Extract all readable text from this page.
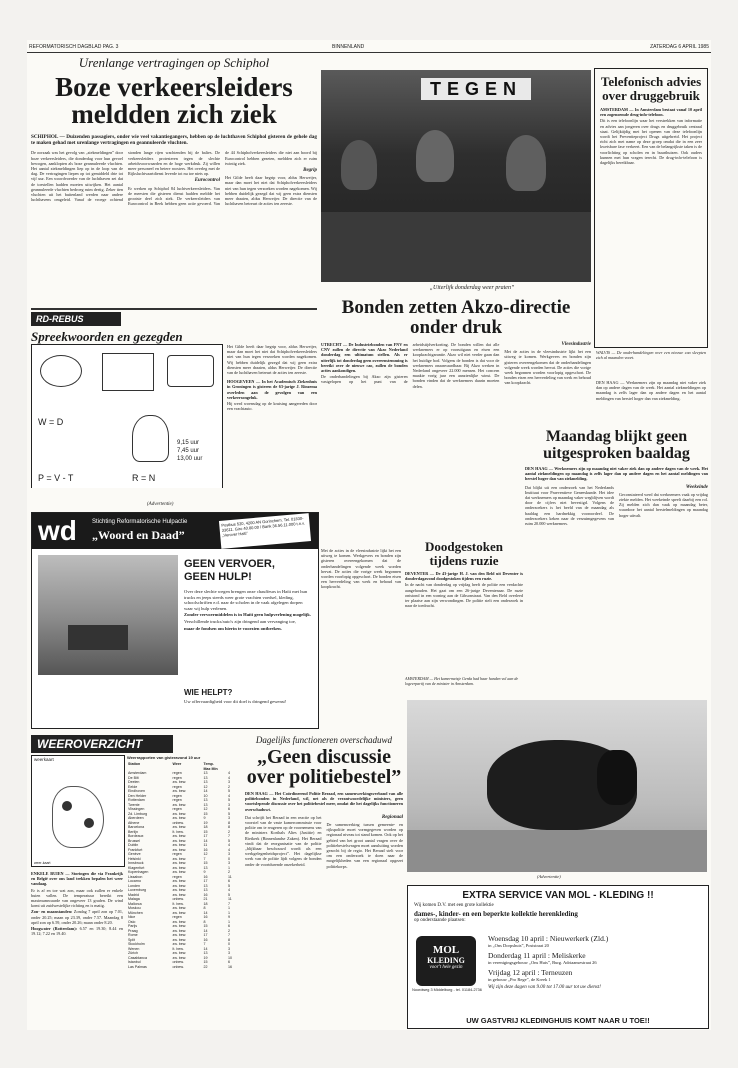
REFORMATORISCH DAGBLAD PAG. 3	BINNENLAND	ZATERDAG 6 APRIL 1985
Urenlange vertragingen op Schiphol
Boze verkeersleiders meldden zich ziek
SCHIPHOL — Duizenden passagiers, onder wie veel vakantiegangers, hebben op de luchthaven Schiphol gisteren de gehele dag te maken gehad met urenlange vertragingen en geannuleerde vluchten.

De oorzaak was het gevolg van „ziekmeldingen” door boze verkeersleiders, die donderdag voor hun gevoel bewogen, aanklopten als boze geannuleerde vluchten. Het aantal ziekmeldingen liep op in de loop van de dag. De vertragingen liepen op tot gemiddeld drie tot vijf uur. Een woordvoerder van de luchthaven zei dat de toestellen hadden moeten uitwijken. Het aantal geannuleerde vluchten bedroeg ruim dertig. Zeker tien vluchten uit het buitenland werden naar andere luchthavens omgeleid. Vanaf de vroege ochtend stonden lange rijen wachtenden bij de balies. De verkeersleiders protesteren tegen de slechte arbeidsvoorwaarden en de hoge werkdruk. Zij willen meer personeel en betere roosters. Het overleg met de Rijksluchtvaartdienst leverde tot nu toe niets op.

Eurocontrol

Er werken op Schiphol 84 luchtverkeersleiders. Van de meesten die gisteren dienst hadden meldde het grootste deel zich ziek. De verkeersleiders van Eurocontrol in Beek hebben geen actie gevoerd. Van de 44 Schipholverkeersleiders die niet aan boord bij Eurocontrol hebben gezeten, meldden zich er ruim twintig ziek.

Begrip

Het Gilde heeft daar begrip voor, aldus Herweijer, maar dan moet het niet dat Schipholverkeersleiders niet van hun tegen verzoeken worden nagekomen. Wij hebben duidelijk gezegd dat wij geen extra diensten meer draaien, aldus Herweijer. De directie van de luchthaven betreurt de acties ten zeerste.

TEGEN
„Uiterlijk donderdag weer praten”
Telefonisch advies over druggebruik

AMSTERDAM — In Amsterdam bestaat vanaf 10 april een zogenoemde drug-info-telefoon.

Dit is een telefoonlijn waar het verstrekken van informatie en advies aan jongeren over drugs en druggebruik centraal staat. Gelijktijdig met het openen van deze telefoonlijn wordt het Preventieproject Drugs uitgebreid. Het project richt zich met name op deze groep omdat die in een zeer kwetsbare fase verkeert. Een van de belangrijkste taken is de voorlichting op scholen en in buurthuizen. Ook ouders kunnen met hun vragen terecht. De drug-info-telefoon is dagelijks bereikbaar.

WALVIS — De onderhandelingen over een nieuwe cao sleepten zich al maanden voort.
DEN HAAG — Werknemers zijn op maandag niet vaker ziek dan op andere dagen van de week. Het aantal ziekmeldingen op maandag is zelfs lager dan op andere dagen en het aantal meldingen van herstel hoger dan van ziekmelding.
RD-REBUS
Spreekwoorden en gezegden
W = D
P = V - T	R = N
9,15 uur
7,45 uur
13,00 uur

Het Gilde heeft daar begrip voor, aldus Herweijer, maar dan moet het niet dat Schipholverkeersleiders niet van hun tegen verzoeken worden nagekomen. Wij hebben duidelijk gezegd dat wij geen extra diensten meer draaien, aldus Herweijer. De directie van de luchthaven betreurt de acties ten zeerste.

HOOGEVEEN — In het Academisch Ziekenhuis in Groningen is gisteren de 63-jarige J. Rinzema overleden aan de gevolgen van een verkeersongeluk.

Hij werd woensdag op de kruising aangereden door een vrachtauto.

Bonden zetten Akzo-directie onder druk

UTRECHT — De Industriebonden van FNV en CNV zullen de directie van Akzo Nederland donderdag een ultimatum stellen. Als er uiterlijk tot donderdag geen overeenstemming is bereikt over de nieuwe cao, zullen de bonden acties aankondigen.

De onderhandelingen bij Akzo zijn gisteren vastgelopen op het punt van de arbeidstijdverkorting. De bonden willen dat alle werknemers er op vooruitgaan en eisen een koopkrachtgarantie. Akzo wil niet verder gaan dan het huidige bod. Volgens de bonden is dat voor de werknemers onaanvaardbaar. Bij Akzo werken in Nederland ongeveer 22.000 mensen. Het concern maakte vorig jaar een aanzienlijke winst. De bonden vinden dat de werknemers daarin moeten delen.

Vleesindustrie

Met de acties in de vleesindustrie lijkt het een uitweg te komen. Werkgevers en bonden zijn gisteren overeengekomen dat de onderhandelingen volgende week worden hervat. De acties die vorige week begonnen worden voorlopig opgeschort. De bonden eisen een herverdeling van werk en behoud van koopkracht.

Maandag blijkt geen uitgesproken baaldag
DEN HAAG — Werknemers zijn op maandag niet vaker ziek dan op andere dagen van de week. Het aantal ziekmeldingen op maandag is zelfs lager dan op andere dagen en het aantal meldingen van herstel hoger dan van ziekmelding.

Dat blijkt uit een onderzoek van het Nederlands Instituut voor Praeventieve Geneeskunde. Het idee dat werknemers op maandag vaker wegblijven wordt door de cijfers niet bevestigd. Volgens de onderzoekers is het beeld van de maandag als baaldag een hardnekkig vooroordeel. De onderzoekers keken naar de verzuimgegevens van ruim 20.000 werknemers.

Weekeinde

Geconstateerd werd dat werknemers vaak op vrijdag ziekte melden. Het weekeinde speelt daarbij een rol. Zij melden zich dan vaak op maandag beter, waardoor het aantal herstelmeldingen op maandag hoger uitvalt.

(Advertentie)
wd	Stichting Reformatorische Hulpactie
„Woord en Daad”
Postbus 520, 4200 AN Gorinchem. Tel. 01830-33611. Giro 40.80.00 / Bank 36.56.11.000 t.n.v. „Verover Haiti”
GEEN VERVOER,
GEEN HULP!

Over deze slechte wegen brengen onze chauffeurs in Haïti met hun trucks en jeeps steeds weer grote vrachten voedsel, kleding, schoolschriften e.d. naar de scholen in de vaak afgelegen dorpen waar wij hulp verlenen.

Zonder vervoermiddelen is in Haïti geen hulpverlening mogelijk.

Verschillende trucks/auto's zijn dringend aan vervanging toe,

maar de fondsen om hierin te voorzien ontbreken.

WIE HELPT?
Uw offervaardigheid voor dit doel is dringend gewenst!
Doodgestoken tijdens ruzie

DEVENTER — De 43-jarige H. J. van den Beld uit Deventer is donderdagavond doodgestoken tijdens een ruzie.

In de nacht van donderdag op vrijdag heeft de politie een verdachte aangehouden. Het gaat om een 26-jarige Deventenaar. De ruzie ontstond in een woning aan de Gibsonstraat. Van den Beld overleed ter plaatse aan zijn verwondingen. De politie stelt een onderzoek in naar de toedracht.

Met de acties in de vleesindustrie lijkt het een uitweg te komen. Werkgevers en bonden zijn gisteren overeengekomen dat de onderhandelingen volgende week worden hervat. De acties die vorige week begonnen worden voorlopig opgeschort. De bonden eisen een herverdeling van werk en behoud van koopkracht.

AMSTERDAM — Het kamermeisje Gerda had haar handen vol aan de logeerpartij van de minister in Amsterdam.
(Advertentie)
WEEROVERZICHT
weerkaart
weer-kaart

ENKELE BUIEN — Storingen die via Frankrijk en België over ons land trekken bepalen het weer vandaag.

Er is af en toe wat zon, maar ook zullen er enkele buien vallen. De temperatuur bereikt een maximumwaarde van ongeveer 13 graden. De wind komt uit zuidwestelijke richting en is matig.

Zon- en maanstanden: Zondag 7 april zon op 7.01, onder 20.25; maan op 23.39, onder 7.57. Maandag 8 april zon op 6.59, onder 20.26; maan onder 8.20.

Hoogwater (Rotterdam): 6.57 en 19.30; 8.44 en 19.12; 7.22 en 19.40.

Weerrapporten van gisteravond 19 uur
Station	Weer	Temp.	
		Max Min	
Amsterdam	regen	13	4
De Bilt	regen	13	4
Deelen	zw. bew.	13	3
Eelde	regen	12	2
Eindhoven	zw. bew.	14	5
Den Helder	regen	10	4
Rotterdam	regen	13	5
Twente	zw. bew.	13	3
Vlissingen	regen	12	6
Zd. Limburg	zw. bew.	15	5
Aberdeen	zw. bew.	9	3
Athene	onbew.	19	8
Barcelona	zw. bew.	18	8
Berlijn	lt. bew.	15	2
Bordeaux	zw. bew.	17	7
Brussel	zw. bew.	14	5
Dublin	zw. bew.	11	4
Frankfurt	zw. bew.	16	4
Genève	regen	12	3
Helsinki	zw. bew.	7	0
Innsbruck	zw. bew.	15	3
Klagenfurt	zw. bew.	13	1
Kopenhagen	zw. bew.	9	2
Lissabon	regen	16	11
Locarno	zw. bew.	17	6
Londen	zw. bew.	13	5
Luxemburg	zw. bew.	13	4
Madrid	zw. bew.	16	5
Malaga	onbew.	21	11
Mallorca	lt. bew.	18	7
Moskou	zw. bew.	8	1
München	zw. bew.	14	1
Nice	regen	16	9
Oslo	zw. bew.	8	1
Parijs	zw. bew.	15	6
Praag	zw. bew.	14	2
Rome	zw. bew.	17	7
Split	zw. bew.	16	8
Stockholm	zw. bew.	7	0
Wenen	lt. bew.	14	3
Zürich	zw. bew.	13	3
Casablanca	zw. bew.	19	10
Istanbul	onbew.	15	6
Las Palmas	onbew.	22	16
Dagelijks functioneren overschaduwd
„Geen discussie over politiebestel”
DEN HAAG — Het Coördinerend Politie Beraad, een samenwerkingsverband van alle politiebonden in Nederland, wil, net als de verantwoordelijke ministers, geen voortslepende discussie over het politiebestel meer, omdat die het dagelijks functioneren overschaduwt.

Dat schrijft het Beraad in een reactie op het voorstel van de vaste kamercommissie voor politie om te reageren op de voornemens van de ministers Korthals Altes (Justitie) en Rietkerk (Binnenlandse Zaken). Het Beraad vindt dat de reorganisatie van de politie „blijkbaar beschouwd wordt als een werkgelegenheidsproject”. Het dagelijkse werk van de politie lijdt volgens de bonden onder de voortdurende onzekerheid.

Regionaal

De samenwerking tussen gemeente- en rijkspolitie moet vormgegeven worden op regionaal niveau tot stand komen. Ook op het gebied van het groot aantal vragen over de politiebestelsvragen moet aansluiting worden gezocht bij de regio. Het Beraad stelt voor om een onderzoek te doen naar de mogelijkheden van een regionaal opgezet politiekorps.

EXTRA SERVICE VAN MOL - KLEDING !!
Wij komen D.V. met een grote kollektie
dames-, kinder- en een beperkte kollektie herenkleding
op onderstaande plaatsen:
MOL
KLEDING
voor't hele gezin
Noordweg 3 Middelburg - tel. 01184-2736
Woensdag 10 april : Nieuwerkerk (Zld.)
in „Ons Dorpshuis”, Poststraat 20
Donderdag 11 april : Meliskerke
in verenigingsgebouw „Ons Huis”, Burg. Adriaansestraat 26
Vrijdag 12 april : Terneuzen
in gebouw „Pro Rege”, de Kreek 1
Wij zijn deze dagen van 9.00 tot 17.00 uur tot uw dienst!
UW GASTVRIJ KLEDINGHUIS KOMT NAAR U TOE!!
